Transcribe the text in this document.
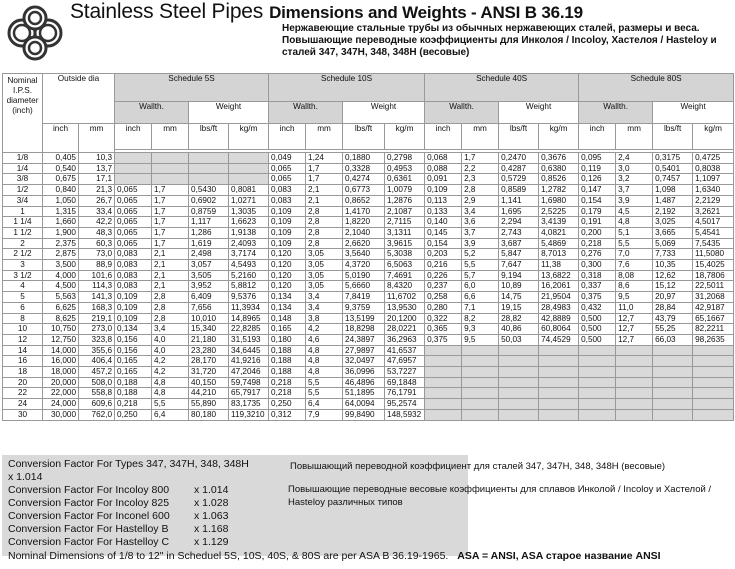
Stainless Steel Pipes Dimensions and Weights - ANSI B 36.19
Нержавеющие стальные трубы из обычных нержавеющих сталей, размеры и веса. Повышающие переводные коэффициенты для Инколоя / Incoloy, Хастелоя / Hasteloy и сталей 347, 347H, 348, 348H (весовые)
Nominal I.P.S. diameter (inch)	Outside dia		Schedule 5S				Schedule 10S				Schedule 40S				Schedule 80S			
			Wallth.		Weight		Wallth.		Weight		Wallth.		Weight		Wallth.		Weight	
	inch	mm	inch	mm	lbs/ft	kg/m	inch	mm	lbs/ft	kg/m	inch	mm	lbs/ft	kg/m	inch	mm	lbs/ft	kg/m

1/8	0,405	10,3					0,049	1,24	0,1880	0,2798	0,068	1,7	0,2470	0,3676	0,095	2,4	0,3175	0,4725
1/4	0,540	13,7					0,065	1,7	0,3328	0,4953	0,088	2,2	0,4287	0,6380	0,119	3,0	0,5401	0,8038
3/8	0,675	17,1					0,065	1,7	0,4274	0,6361	0,091	2,3	0,5729	0,8526	0,126	3,2	0,7457	1,1097
1/2	0,840	21,3	0,065	1,7	0,5430	0,8081	0,083	2,1	0,6773	1,0079	0,109	2,8	0,8589	1,2782	0,147	3,7	1,098	1,6340
3/4	1,050	26,7	0,065	1,7	0,6902	1,0271	0,083	2,1	0,8652	1,2876	0,113	2,9	1,141	1,6980	0,154	3,9	1,487	2,2129
1	1,315	33,4	0,065	1,7	0,8759	1,3035	0,109	2,8	1,4170	2,1087	0,133	3,4	1,695	2,5225	0,179	4,5	2,192	3,2621
1 1/4	1,660	42,2	0,065	1,7	1,117	1,6623	0,109	2,8	1,8220	2,7115	0,140	3,6	2,294	3,4139	0,191	4,8	3,025	4,5017
1 1/2	1,900	48,3	0,065	1,7	1,286	1,9138	0,109	2,8	2,1040	3,1311	0,145	3,7	2,743	4,0821	0,200	5,1	3,665	5,4541
2	2,375	60,3	0,065	1,7	1,619	2,4093	0,109	2,8	2,6620	3,9615	0,154	3,9	3,687	5,4869	0,218	5,5	5,069	7,5435
2 1/2	2,875	73,0	0,083	2,1	2,498	3,7174	0,120	3,05	3,5640	5,3038	0,203	5,2	5,847	8,7013	0,276	7,0	7,733	11,5080
3	3,500	88,9	0,083	2,1	3,057	4,5493	0,120	3,05	4,3720	6,5063	0,216	5,5	7,647	11,38	0,300	7,6	10,35	15,4025
3 1/2	4,000	101,6	0,083	2,1	3,505	5,2160	0,120	3,05	5,0190	7,4691	0,226	5,7	9,194	13,6822	0,318	8,08	12,62	18,7806
4	4,500	114,3	0,083	2,1	3,952	5,8812	0,120	3,05	5,6660	8,4320	0,237	6,0	10,89	16,2061	0,337	8,6	15,12	22,5011
5	5,563	141,3	0,109	2,8	6,409	9,5376	0,134	3,4	7,8419	11,6702	0,258	6,6	14,75	21,9504	0,375	9,5	20,97	31,2068
6	6,625	168,3	0,109	2,8	7,656	11,3934	0,134	3,4	9,3759	13,9530	0,280	7,1	19,15	28,4983	0,432	11,0	28,84	42,9187
8	8,625	219,1	0,109	2,8	10,010	14,8965	0,148	3,8	13,5199	20,1200	0,322	8,2	28,82	42,8889	0,500	12,7	43,79	65,1667
10	10,750	273,0	0,134	3,4	15,340	22,8285	0,165	4,2	18,8298	28,0221	0,365	9,3	40,86	60,8064	0,500	12,7	55,25	82,2211
12	12,750	323,8	0,156	4,0	21,180	31,5193	0,180	4,6	24,3897	36,2963	0,375	9,5	50,03	74,4529	0,500	12,7	66,03	98,2635
14	14,000	355,6	0,156	4,0	23,280	34,6445	0,188	4,8	27,9897	41,6537								
16	16,000	406,4	0,165	4,2	28,170	41,9216	0,188	4,8	32,0497	47,6957								
18	18,000	457,2	0,165	4,2	31,720	47,2046	0,188	4,8	36,0996	53,7227								
20	20,000	508,0	0,188	4,8	40,150	59,7498	0,218	5,5	46,4896	69,1848								
22	22,000	558,8	0,188	4,8	44,210	65,7917	0,218	5,5	51,1895	76,1791								
24	24,000	609,6	0,218	5,5	55,890	83,1735	0,250	6,4	64,0094	95,2574								
30	30,000	762,0	0,250	6,4	80,180	119,3210	0,312	7,9	99,8490	148,5932								
Conversion Factor For Types 347, 347H, 348, 348H
x 1.014
Conversion Factor For Incoloy 800 x 1.014
Conversion Factor For Incoloy 825 x 1.028
Conversion Factor For Inconel 600 x 1.063
Conversion Factor For Hastelloy B x 1.168
Conversion Factor For Hastelloy C x 1.129
Повышающий переводной коэффициент для сталей 347, 347H, 348, 348H (весовые)
Повышающие переводные весовые коэффициенты для сплавов Инколой / Incoloy и Хастелой / Hasteloy различных типов
Nominal Dimensions of 1/8 to 12" in Scheduel 5S, 10S, 40S, & 80S are per ASA B 36.19-1965. ASA = ANSI, ASA старое название ANSI
